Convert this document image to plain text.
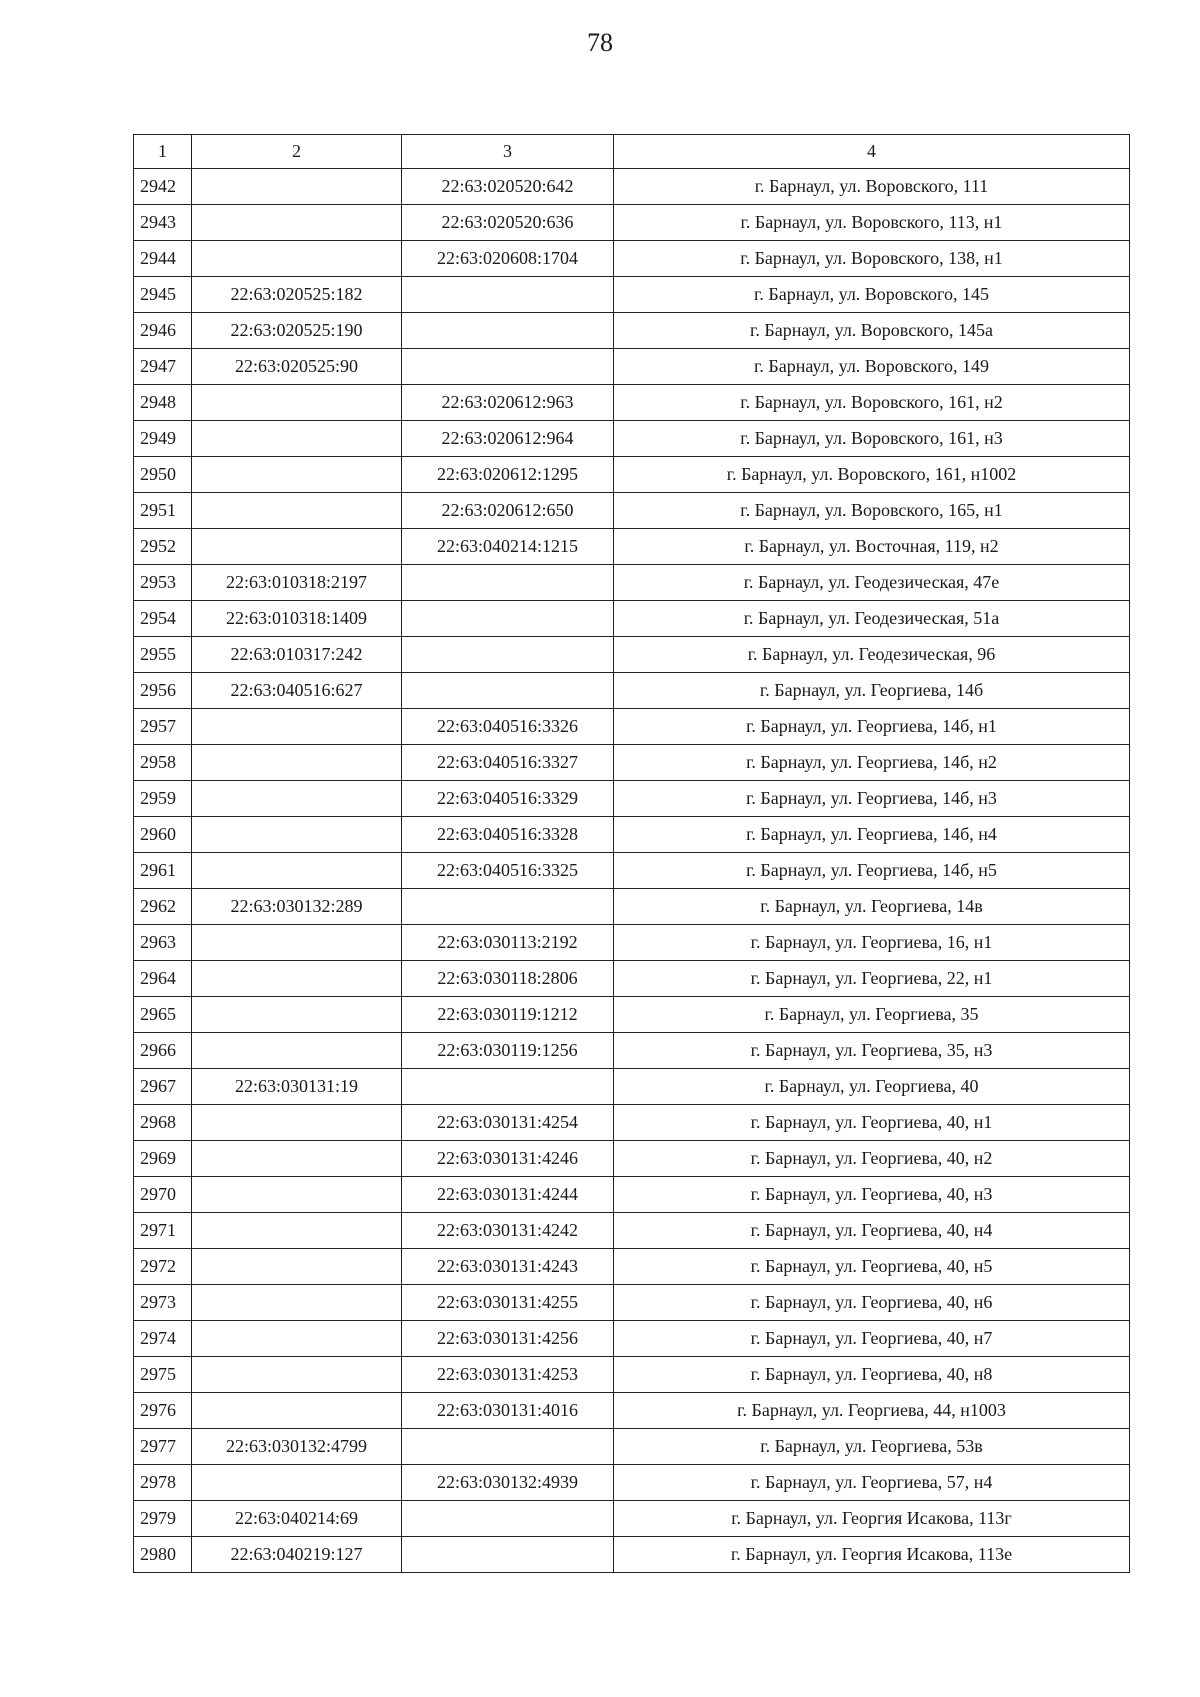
78
1	2	3	4
2942		22:63:020520:642	г. Барнаул, ул. Воровского, 111
2943		22:63:020520:636	г. Барнаул, ул. Воровского, 113, н1
2944		22:63:020608:1704	г. Барнаул, ул. Воровского, 138, н1
2945	22:63:020525:182		г. Барнаул, ул. Воровского, 145
2946	22:63:020525:190		г. Барнаул, ул. Воровского, 145а
2947	22:63:020525:90		г. Барнаул, ул. Воровского, 149
2948		22:63:020612:963	г. Барнаул, ул. Воровского, 161, н2
2949		22:63:020612:964	г. Барнаул, ул. Воровского, 161, н3
2950		22:63:020612:1295	г. Барнаул, ул. Воровского, 161, н1002
2951		22:63:020612:650	г. Барнаул, ул. Воровского, 165, н1
2952		22:63:040214:1215	г. Барнаул, ул. Восточная, 119, н2
2953	22:63:010318:2197		г. Барнаул, ул. Геодезическая, 47е
2954	22:63:010318:1409		г. Барнаул, ул. Геодезическая, 51а
2955	22:63:010317:242		г. Барнаул, ул. Геодезическая, 96
2956	22:63:040516:627		г. Барнаул, ул. Георгиева, 14б
2957		22:63:040516:3326	г. Барнаул, ул. Георгиева, 14б, н1
2958		22:63:040516:3327	г. Барнаул, ул. Георгиева, 14б, н2
2959		22:63:040516:3329	г. Барнаул, ул. Георгиева, 14б, н3
2960		22:63:040516:3328	г. Барнаул, ул. Георгиева, 14б, н4
2961		22:63:040516:3325	г. Барнаул, ул. Георгиева, 14б, н5
2962	22:63:030132:289		г. Барнаул, ул. Георгиева, 14в
2963		22:63:030113:2192	г. Барнаул, ул. Георгиева, 16, н1
2964		22:63:030118:2806	г. Барнаул, ул. Георгиева, 22, н1
2965		22:63:030119:1212	г. Барнаул, ул. Георгиева, 35
2966		22:63:030119:1256	г. Барнаул, ул. Георгиева, 35, н3
2967	22:63:030131:19		г. Барнаул, ул. Георгиева, 40
2968		22:63:030131:4254	г. Барнаул, ул. Георгиева, 40, н1
2969		22:63:030131:4246	г. Барнаул, ул. Георгиева, 40, н2
2970		22:63:030131:4244	г. Барнаул, ул. Георгиева, 40, н3
2971		22:63:030131:4242	г. Барнаул, ул. Георгиева, 40, н4
2972		22:63:030131:4243	г. Барнаул, ул. Георгиева, 40, н5
2973		22:63:030131:4255	г. Барнаул, ул. Георгиева, 40, н6
2974		22:63:030131:4256	г. Барнаул, ул. Георгиева, 40, н7
2975		22:63:030131:4253	г. Барнаул, ул. Георгиева, 40, н8
2976		22:63:030131:4016	г. Барнаул, ул. Георгиева, 44, н1003
2977	22:63:030132:4799		г. Барнаул, ул. Георгиева, 53в
2978		22:63:030132:4939	г. Барнаул, ул. Георгиева, 57, н4
2979	22:63:040214:69		г. Барнаул, ул. Георгия Исакова, 113г
2980	22:63:040219:127		г. Барнаул, ул. Георгия Исакова, 113е
